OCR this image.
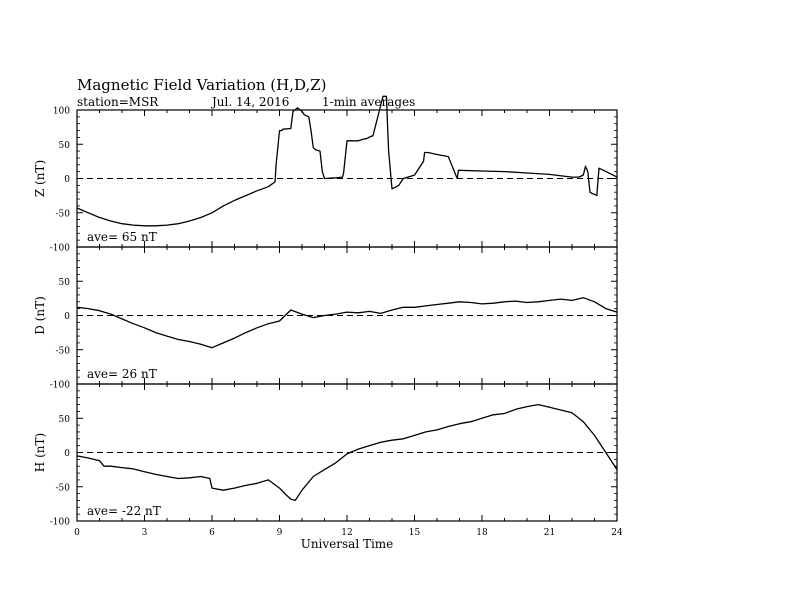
Magnetic Field Variation (H,D,Z)
station=MSR	Jul. 14, 2016	1-min averages
-100
-50
0
50
100
Z (nT)
ave= 65 nT
-100
-50
0
50
D (nT)
ave= 26 nT
-100
-50
0
50
H (nT)
ave= -22 nT
0	3	6	9	12	15	18	21	24
Universal Time
